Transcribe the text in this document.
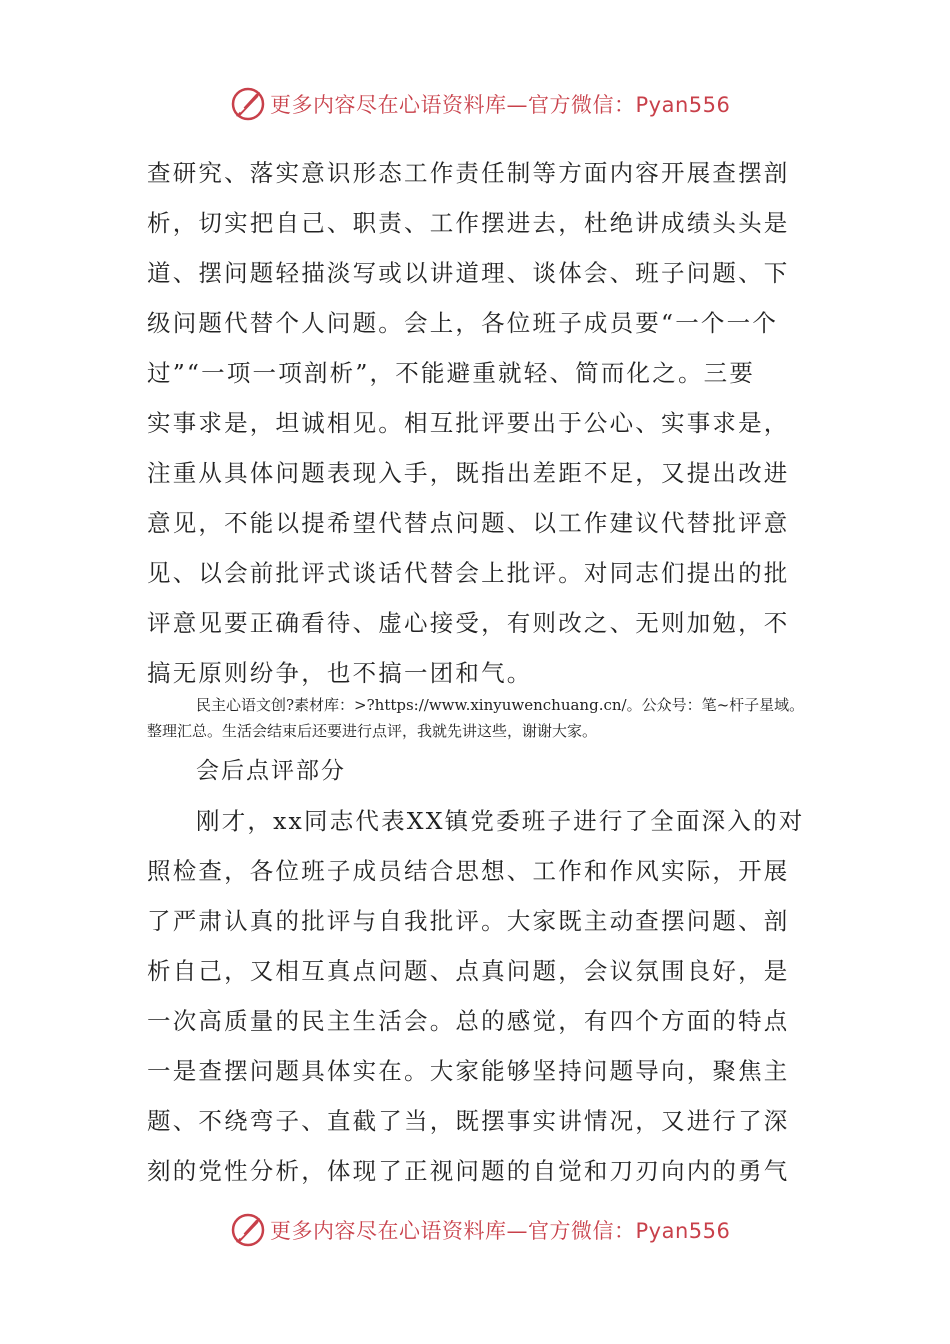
更多内容尽在心语资料库—官方微信：Pyan556
查研究、落实意识形态工作责任制等方面内容开展查摆剖
析，切实把自己、职责、工作摆进去，杜绝讲成绩头头是
道、摆问题轻描淡写或以讲道理、谈体会、班子问题、下
级问题代替个人问题。会上，各位班子成员要“一个一个
过”“一项一项剖析”，不能避重就轻、简而化之。三要
实事求是，坦诚相见。相互批评要出于公心、实事求是，
注重从具体问题表现入手，既指出差距不足，又提出改进
意见，不能以提希望代替点问题、以工作建议代替批评意
见、以会前批评式谈话代替会上批评。对同志们提出的批
评意见要正确看待、虚心接受，有则改之、无则加勉，不
搞无原则纷争，也不搞一团和气。
民主心语文创?素材库：>?https://www.xinyuwenchuang.cn/。公众号：笔~杆子星域。
整理汇总。生活会结束后还要进行点评，我就先讲这些，谢谢大家。
会后点评部分
刚才，xx同志代表XX镇党委班子进行了全面深入的对
照检查，各位班子成员结合思想、工作和作风实际，开展
了严肃认真的批评与自我批评。大家既主动查摆问题、剖
析自己，又相互真点问题、点真问题，会议氛围良好，是
一次高质量的民主生活会。总的感觉，有四个方面的特点
一是查摆问题具体实在。大家能够坚持问题导向，聚焦主
题、不绕弯子、直截了当，既摆事实讲情况，又进行了深
刻的党性分析，体现了正视问题的自觉和刀刃向内的勇气
更多内容尽在心语资料库—官方微信：Pyan556
